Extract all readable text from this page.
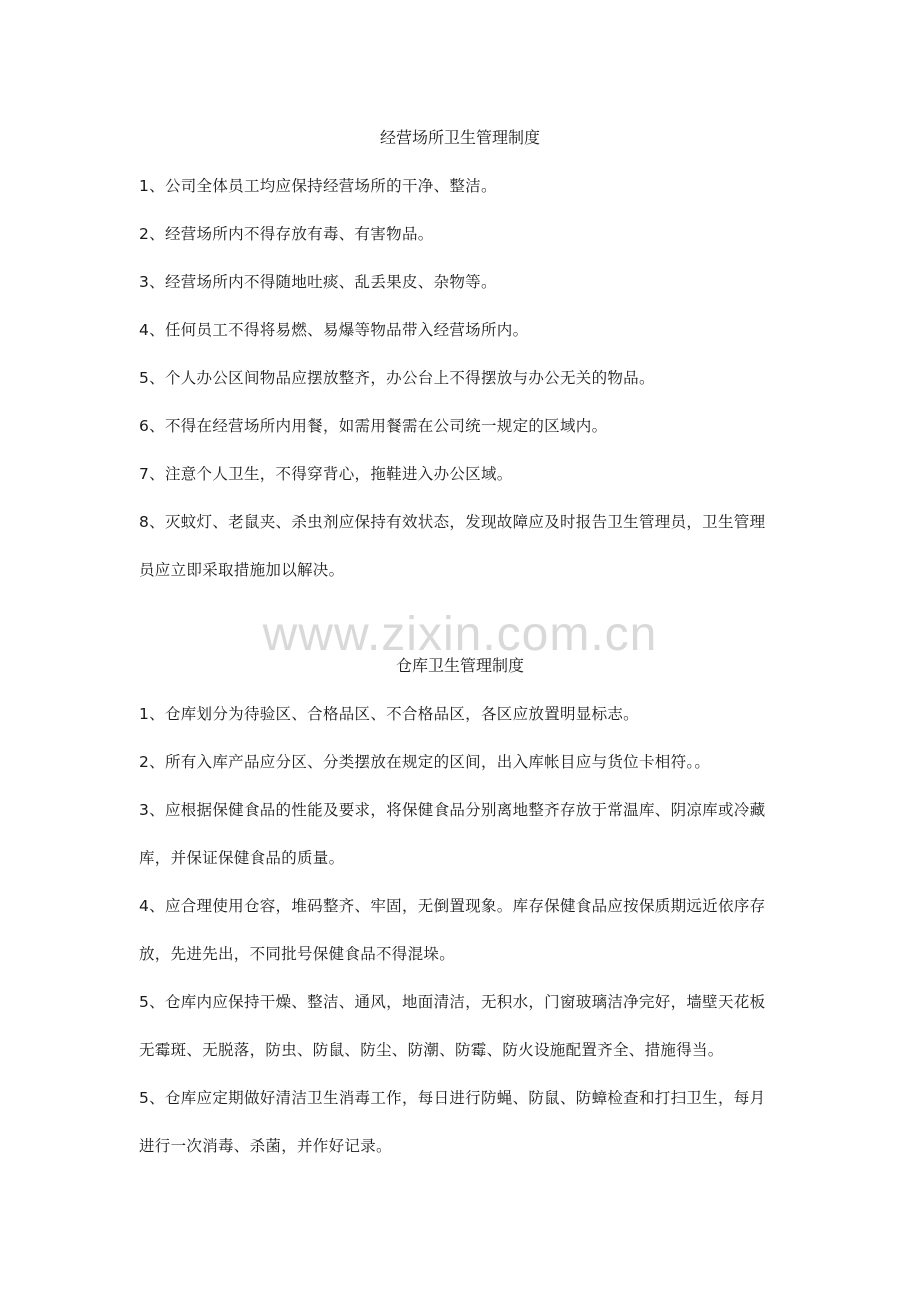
www.zixin.com.cn
经营场所卫生管理制度
1、公司全体员工均应保持经营场所的干净、整洁。
2、经营场所内不得存放有毒、有害物品。
3、经营场所内不得随地吐痰、乱丢果皮、杂物等。
4、任何员工不得将易燃、易爆等物品带入经营场所内。
5、个人办公区间物品应摆放整齐，办公台上不得摆放与办公无关的物品。
6、不得在经营场所内用餐，如需用餐需在公司统一规定的区域内。
7、注意个人卫生，不得穿背心，拖鞋进入办公区域。
8、灭蚊灯、老鼠夹、杀虫剂应保持有效状态，发现故障应及时报告卫生管理员，卫生管理
员应立即采取措施加以解决。
仓库卫生管理制度
1、仓库划分为待验区、合格品区、不合格品区，各区应放置明显标志。
2、所有入库产品应分区、分类摆放在规定的区间，出入库帐目应与货位卡相符。。
3、应根据保健食品的性能及要求，将保健食品分别离地整齐存放于常温库、阴凉库或冷藏
库，并保证保健食品的质量。
4、应合理使用仓容，堆码整齐、牢固，无倒置现象。库存保健食品应按保质期远近依序存
放，先进先出，不同批号保健食品不得混垛。
5、仓库内应保持干燥、整洁、通风，地面清洁，无积水，门窗玻璃洁净完好，墙壁天花板
无霉斑、无脱落，防虫、防鼠、防尘、防潮、防霉、防火设施配置齐全、措施得当。
5、仓库应定期做好清洁卫生消毒工作，每日进行防蝇、防鼠、防蟑检查和打扫卫生，每月
进行一次消毒、杀菌，并作好记录。
